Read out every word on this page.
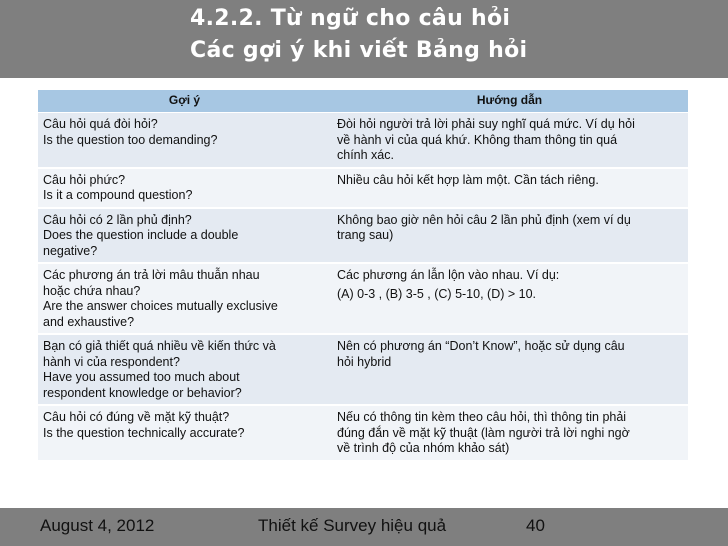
4.2.2. Từ ngữ cho câu hỏi
Các gợi ý khi viết Bảng hỏi
Gợi ý	Hướng dẫn

Câu hỏi quá đòi hỏi?
Is the question too demanding?	Đòi hỏi người trả lời phải suy nghĩ quá mức. Ví dụ hỏi
về hành vi của quá khứ. Không tham thông tin quá
chính xác.

Câu hỏi phức?
Is it a compound question?	Nhiều câu hỏi kết hợp làm một. Cần tách riêng.

Câu hỏi có 2 lần phủ định?
Does the question include a double
negative?	Không bao giờ nên hỏi câu 2 lần phủ định (xem ví dụ
trang sau)

Các phương án trả lời mâu thuẫn nhau
hoặc chứa nhau?
Are the answer choices mutually exclusive
and exhaustive?	Các phương án lẫn lộn vào nhau. Ví dụ:
(A) 0-3 , (B) 3-5 , (C) 5-10, (D) > 10.

Bạn có giả thiết quá nhiều về kiến thức và
hành vi của respondent?
Have you assumed too much about
respondent knowledge or behavior?	Nên có phương án “Don’t Know”, hoặc sử dụng câu
hỏi hybrid

Câu hỏi có đúng về mặt kỹ thuật?
Is the question technically accurate?	Nếu có thông tin kèm theo câu hỏi, thì thông tin phải
đúng đắn về mặt kỹ thuật (làm người trả lời nghi ngờ
về trình độ của nhóm khảo sát)
August 4, 2012	Thiết kế Survey hiệu quả	40
